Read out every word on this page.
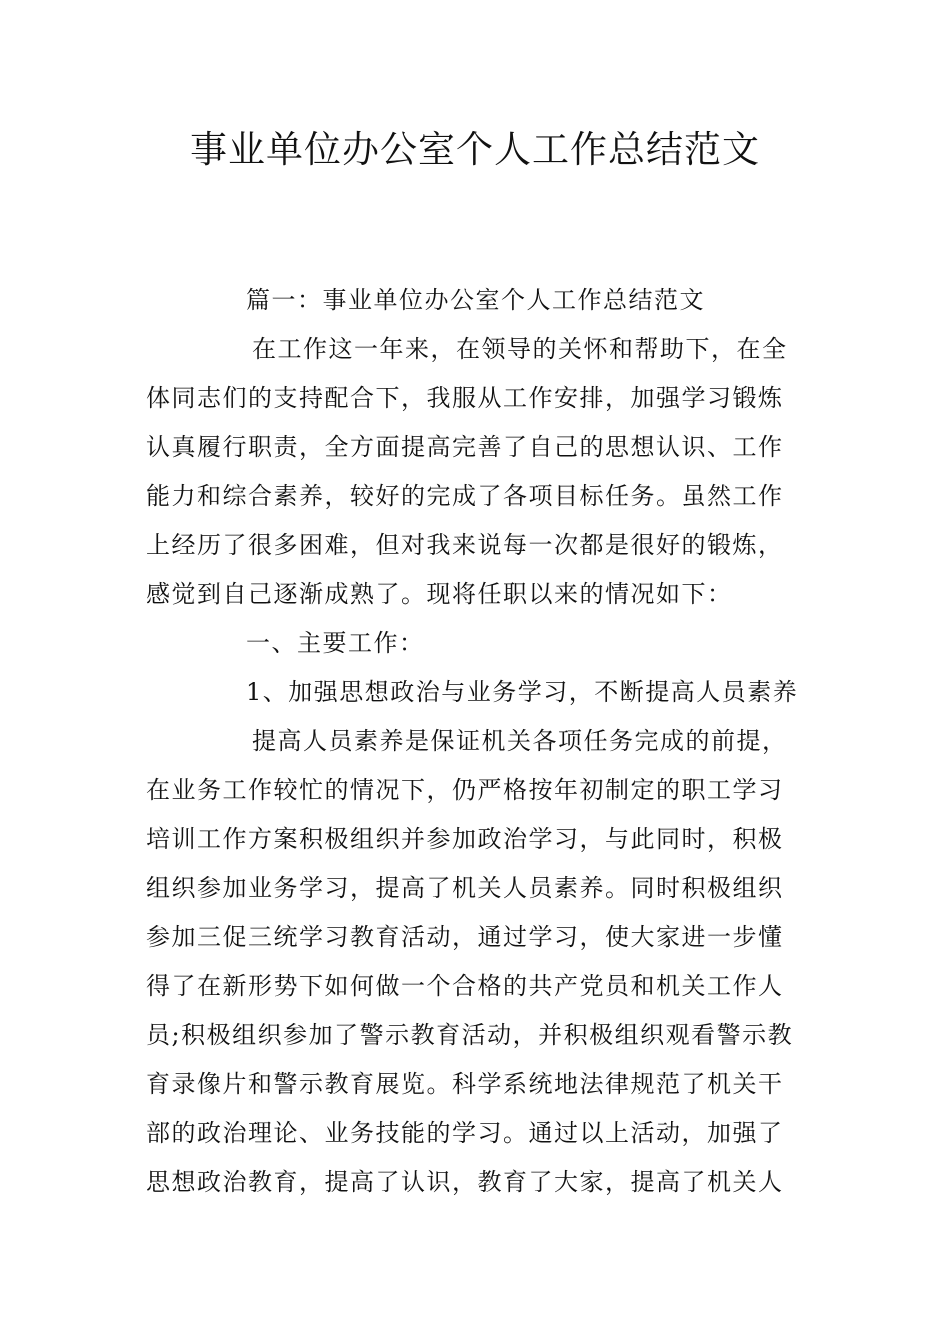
事业单位办公室个人工作总结范文
篇一：事业单位办公室个人工作总结范文
在工作这一年来，在领导的关怀和帮助下，在全
体同志们的支持配合下，我服从工作安排，加强学习锻炼
认真履行职责，全方面提高完善了自己的思想认识、工作
能力和综合素养，较好的完成了各项目标任务。虽然工作
上经历了很多困难，但对我来说每一次都是很好的锻炼，
感觉到自己逐渐成熟了。现将任职以来的情况如下：
一、主要工作：
1、加强思想政治与业务学习，不断提高人员素养
提高人员素养是保证机关各项任务完成的前提，
在业务工作较忙的情况下，仍严格按年初制定的职工学习
培训工作方案积极组织并参加政治学习，与此同时，积极
组织参加业务学习，提高了机关人员素养。同时积极组织
参加三促三统学习教育活动，通过学习，使大家进一步懂
得了在新形势下如何做一个合格的共产党员和机关工作人
员;积极组织参加了警示教育活动，并积极组织观看警示教
育录像片和警示教育展览。科学系统地法律规范了机关干
部的政治理论、业务技能的学习。通过以上活动，加强了
思想政治教育，提高了认识，教育了大家，提高了机关人
